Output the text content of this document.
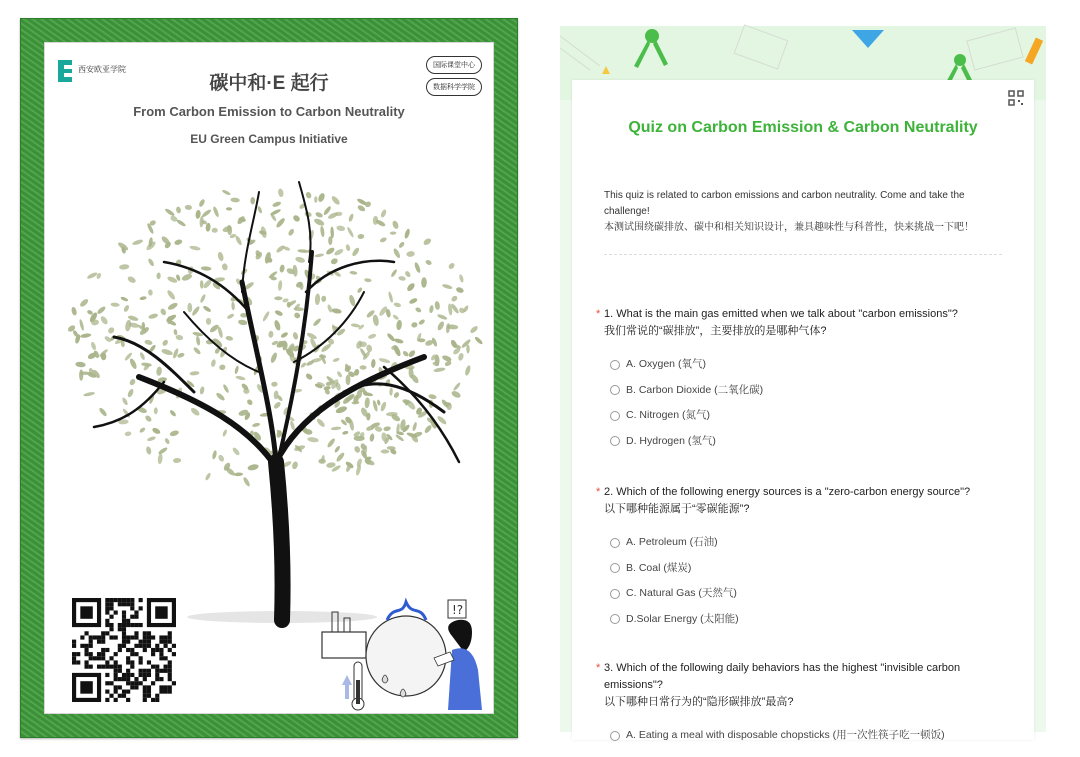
西安欧亚学院
碳中和·E 起行
国际课堂中心
数据科学学院
From Carbon Emission to Carbon Neutrality
EU Green Campus Initiative
!?
Quiz on Carbon Emission & Carbon Neutrality
This quiz is related to carbon emissions and carbon neutrality. Come and take the challenge!
本测试围绕碳排放、碳中和相关知识设计，兼具趣味性与科普性，快来挑战一下吧！
* 1. What is the main gas emitted when we talk about "carbon emissions"?
我们常说的“碳排放”，主要排放的是哪种气体?
A. Oxygen (氧气)
B. Carbon Dioxide (二氧化碳)
C. Nitrogen (氮气)
D. Hydrogen (氢气)
* 2. Which of the following energy sources is a "zero-carbon energy source"?
以下哪种能源属于“零碳能源”?
A. Petroleum (石油)
B. Coal (煤炭)
C. Natural Gas (天然气)
D.Solar Energy (太阳能)
* 3. Which of the following daily behaviors has the highest "invisible carbon emissions"?
以下哪种日常行为的“隐形碳排放”最高?
A. Eating a meal with disposable chopsticks (用一次性筷子吃一顿饭)
